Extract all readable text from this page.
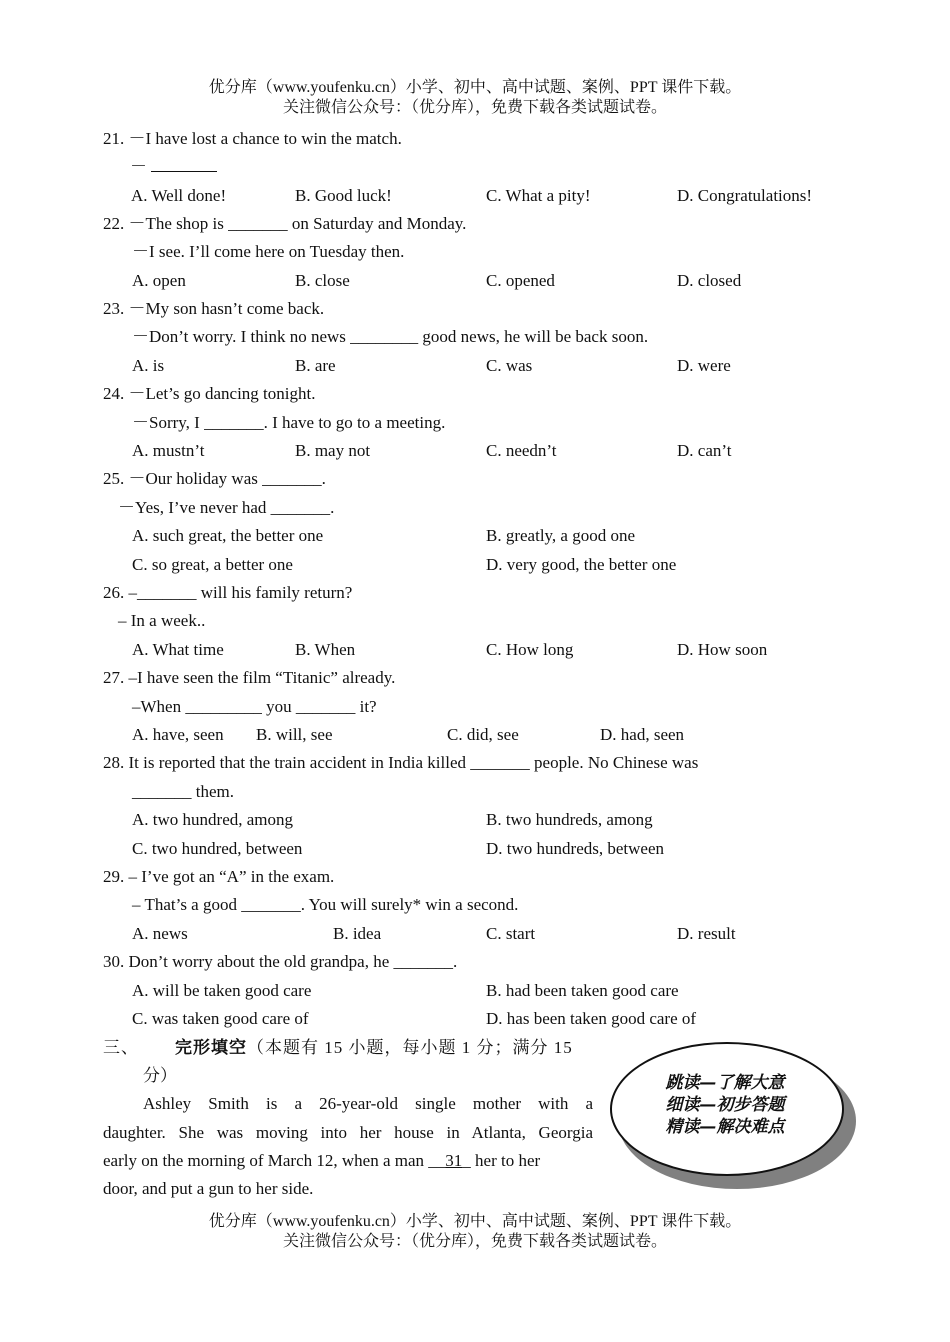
优分库（www.youfenku.cn）小学、初中、高中试题、案例、PPT 课件下载。
关注微信公众号：（优分库），免费下载各类试题试卷。
21. －I have lost a chance to win the match.
－
A. Well done!	B. Good luck!	C. What a pity!	D. Congratulations!
22. －The shop is _______ on Saturday and Monday.
－I see. I’ll come here on Tuesday then.
A. open	B. close	C. opened	D. closed
23. －My son hasn’t come back.
－Don’t worry. I think no news ________ good news, he will be back soon.
A. is	B. are	C. was	D. were
24. －Let’s go dancing tonight.
－Sorry, I _______. I have to go to a meeting.
A. mustn’t	B. may not	C. needn’t	D. can’t
25. －Our holiday was _______.
－Yes, I’ve never had _______.
A. such great, the better one	B. greatly, a good one
C. so great, a better one	D. very good, the better one
26. –_______ will his family return?
– In a week..
A. What time	B. When	C. How long	D. How soon
27. –I have seen the film “Titanic” already.
–When _________ you _______ it?
A. have, seen B. will, see	C. did, see	D. had, seen
28. It is reported that the train accident in India killed _______ people. No Chinese was
_______ them.
A. two hundred, among	B. two hundreds, among
C. two hundred, between	D. two hundreds, between
29. – I’ve got an “A” in the exam.
– That’s a good _______. You will surely* win a second.
A. news	B. idea	C. start	D. result
30. Don’t worry about the old grandpa, he _______.
A. will be taken good care	B. had been taken good care
C. was taken good care of	D. has been taken good care of
三、 完形填空（本题有 15 小题，每小题 1 分；满分 15
分）
Ashley Smith is a 26-year-old single mother with a
daughter. She was moving into her house in Atlanta, Georgia
early on the morning of March 12, when a man __31_ her to her
door, and put a gun to her side.
跳读—了解大意
细读—初步答题
精读—解决难点
优分库（www.youfenku.cn）小学、初中、高中试题、案例、PPT 课件下载。
关注微信公众号：（优分库），免费下载各类试题试卷。
